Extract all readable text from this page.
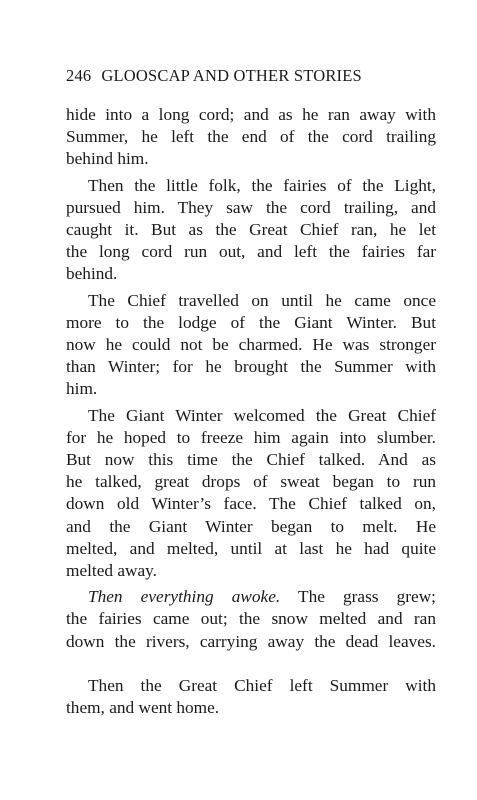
246 GLOOSCAP AND OTHER STORIES
hide into a long cord; and as he ran away with
Summer, he left the end of the cord trailing
behind him.
Then the little folk, the fairies of the Light,
pursued him. They saw the cord trailing, and
caught it. But as the Great Chief ran, he let
the long cord run out, and left the fairies far
behind.
The Chief travelled on until he came once
more to the lodge of the Giant Winter. But
now he could not be charmed. He was stronger
than Winter; for he brought the Summer with
him.
The Giant Winter welcomed the Great Chief
for he hoped to freeze him again into slumber.
But now this time the Chief talked. And as
he talked, great drops of sweat began to run
down old Winter’s face. The Chief talked on,
and the Giant Winter began to melt. He
melted, and melted, until at last he had quite
melted away.
Then everything awoke. The grass grew;
the fairies came out; the snow melted and ran
down the rivers, carrying away the dead leaves.
Then the Great Chief left Summer with
them, and went home.
